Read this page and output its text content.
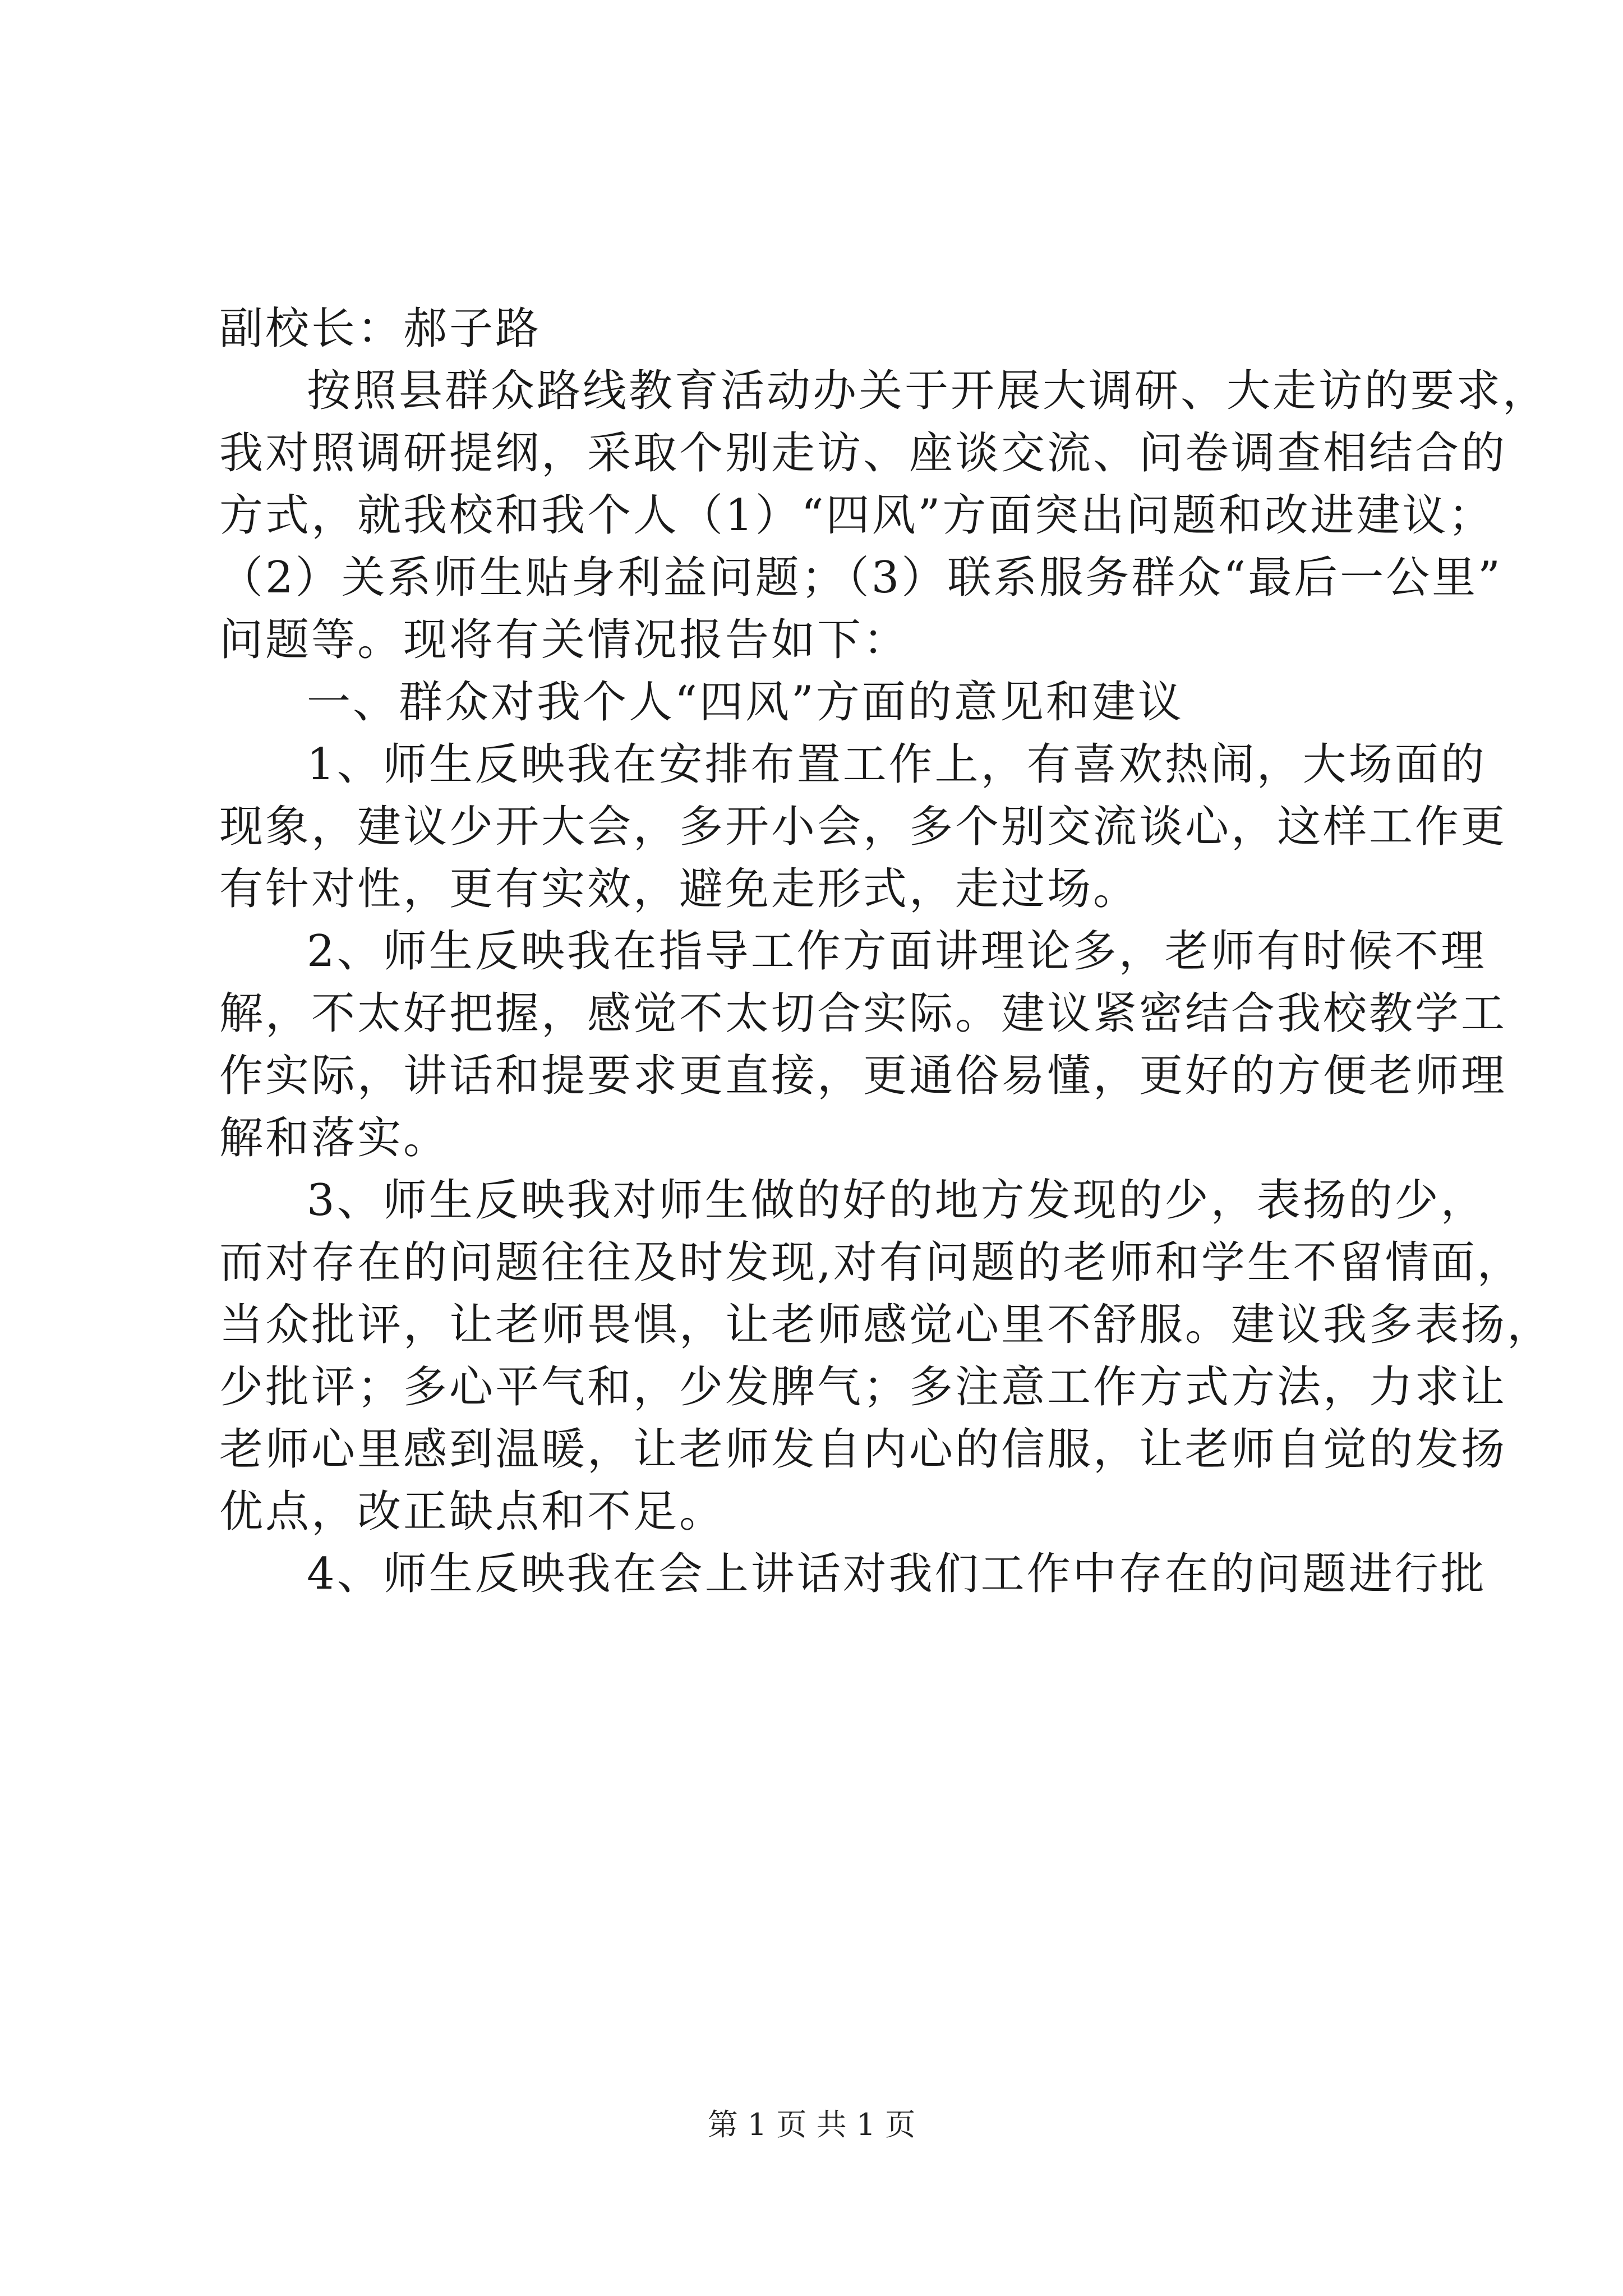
副校长：郝子路
按照县群众路线教育活动办关于开展大调研、大走访的要求，
我对照调研提纲，采取个别走访、座谈交流、问卷调查相结合的
方式，就我校和我个人（1）“四风”方面突出问题和改进建议；
（2）关系师生贴身利益问题；（3）联系服务群众“最后一公里”
问题等。现将有关情况报告如下：
一、群众对我个人“四风”方面的意见和建议
1、师生反映我在安排布置工作上，有喜欢热闹，大场面的
现象，建议少开大会，多开小会，多个别交流谈心，这样工作更
有针对性，更有实效，避免走形式，走过场。
2、师生反映我在指导工作方面讲理论多，老师有时候不理
解，不太好把握，感觉不太切合实际。建议紧密结合我校教学工
作实际，讲话和提要求更直接，更通俗易懂，更好的方便老师理
解和落实。
3、师生反映我对师生做的好的地方发现的少，表扬的少，
而对存在的问题往往及时发现,对有问题的老师和学生不留情面，
当众批评，让老师畏惧，让老师感觉心里不舒服。建议我多表扬，
少批评；多心平气和，少发脾气；多注意工作方式方法，力求让
老师心里感到温暖，让老师发自内心的信服，让老师自觉的发扬
优点，改正缺点和不足。
4、师生反映我在会上讲话对我们工作中存在的问题进行批
第 1 页 共 1 页
